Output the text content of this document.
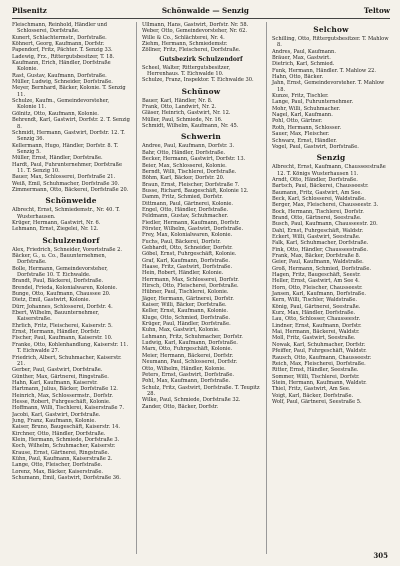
Pilsenitz	Schönwalde — Senzig	Teltow
Fleischmann, Reinhold, Händler und Schlosserei, Dorfstraße.
Kunert, Schlachtermstr., Dorfstraße.
Köhnert, Georg, Kaufmann, Dorfstr.
Papendorf, Fritz, Pächter. T. Senzig 33.
Ladewig, Frz., Rittergutsbesitzer, T. 18.
Kaufmann, Erich, Händler, Dorfstraße Kolonie.
Rast, Gustav, Kaufmann, Dorfstraße.
Müller, Ludwig, Schneider, Dorfstraße.
Meyer, Bernhard, Bäcker, Kolonie. T. Senzig 11.
Schulze, Kaufm., Gemeindevorsteher, Kolonie 11.
Gölnitz, Otto, Kaufmann, Kolonie.
Behrendt, Karl, Gastwirt, Dorfstr. 2. T. Senzig 8.
Schmidt, Hermann, Gastwirt, Dorfstr. 12. T. Senzig 36.
Kellermann, Hugo, Händler, Dorfstr. 8. T. Senzig 5.
Müller, Ernst, Händler, Dorfstraße.
Hardt, Paul, Fuhrunternehmer, Dorfstraße 11. T. Senzig 10.
Bauer, Max, Schlosserei, Dorfstraße 21.
Weiß, Emil, Schuhmacher, Dorfstraße 30.
Zimmermann, Otto, Bäckerei, Dorfstraße 20.
Schönweide
Albrecht, Ernst, Schmiedemstr., Nr. 40. T. Wusterhausen.
Krüger, Hermann, Gastwirt, Nr. 6.
Lehmann, Ernst, Ziegelei, Nr. 12.
Schulzendorf
Alex, Friedrich, Schneider, Vorortstraße 2.
Bäcker, G., u. Co., Bauunternehmen, Dorfstraße.
Bolle, Hermann, Gemeindevorsteher, Dorfstraße 10. T. Eichwalde.
Brandt, Paul, Bäckerei, Dorfstraße.
Brendel, Frieda, Kolonialwaren, Kolonie.
Bunge, Otto, Kaufmann, Chaussee 20.
Dietz, Emil, Gastwirt, Kolonie.
Dürr, Johannes, Schlosserei, Dorfstr. 4.
Ebert, Wilhelm, Bauunternehmer, Kaiserstraße.
Ehrlich, Fritz, Fleischerei, Kaiserstr. 5.
Ernst, Hermann, Händler, Dorfstr.
Fischer, Paul, Kaufmann, Kaiserstr. 10.
Franke, Otto, Kohlenhandlung, Kaiserstr. 11. T. Eichwalde 27.
Friedrich, Albert, Schuhmacher, Kaiserstr. 21.
Gerber, Paul, Gastwirt, Dorfstraße.
Günther, Max, Gärtnerei, Ringstraße.
Hahn, Karl, Kaufmann, Kaiserstr.
Hartmann, Julius, Bäcker, Dorfstraße 12.
Heinrich, Max, Schlossermstr., Dorfstr.
Hesse, Robert, Fuhrgeschäft, Kolonie.
Hoffmann, Willi, Tischlerei, Kaiserstraße 7.
Jacobi, Karl, Gastwirt, Dorfstraße.
Jung, Franz, Kaufmann, Kolonie.
Kaiser, Bruno, Baugeschäft, Kaiserstr. 14.
Kirchner, Otto, Händler, Dorfstraße.
Klein, Hermann, Schmiede, Dorfstraße 3.
Koch, Wilhelm, Schuhmacher, Kaiserstr.
Krause, Ernst, Gärtnerei, Ringstraße.
Kühn, Paul, Kaufmann, Kaiserstraße 2.
Lange, Otto, Fleischer, Dorfstraße.
Lorenz, Max, Bäcker, Kaiserstraße.
Schumann, Emil, Gastwirt, Dorfstraße 36.
Ullmann, Hans, Gastwirt, Dorfstr. Nr. 58.
Weber, Otto, Gemeindevorsteher, Nr. 62.
Wille & Co., Schlächterei, Nr. 4.
Ziehm, Hermann, Schmiedemstr.
Zöllner, Fritz, Fleischerei, Dorfstraße.
Gutsbezirk Schulzendorf
Scheel, Walter, Rittergutsbesitzer, Herrenhaus. T. Eichwalde 10.
Schulze, Franz, Inspektor. T. Eichwalde 30.
Schünow
Bauer, Karl, Händler, Nr. 8.
Frank, Otto, Landwirt, Nr. 2.
Gläser, Heinrich, Gastwirt, Nr. 12.
Müller, Paul, Schmiede, Nr. 16.
Schmidt, Wilhelm, Kaufmann, Nr. 45.
Schwerin
Andree, Paul, Kaufmann, Dorfstr. 3.
Bahr, Otto, Händler, Dorfstraße.
Becker, Hermann, Gastwirt, Dorfstr. 13.
Beier, Max, Schlosserei, Kolonie.
Berndt, Willi, Tischlerei, Dorfstraße.
Böhm, Karl, Bäcker, Dorfstr. 20.
Braun, Ernst, Fleischer, Dorfstraße 7.
Busse, Richard, Baugeschäft, Kolonie 12.
Damm, Fritz, Schmied, Dorfstr.
Dittmann, Paul, Gärtnerei, Kolonie.
Engel, Otto, Händler, Dorfstraße.
Feldmann, Gustav, Schuhmacher.
Fiedler, Hermann, Kaufmann, Dorfstr.
Förster, Wilhelm, Gastwirt, Dorfstraße.
Frey, Max, Kolonialwaren, Kolonie.
Fuchs, Paul, Bäckerei, Dorfstr.
Gebhardt, Otto, Schneider, Dorfstr.
Göbel, Ernst, Fuhrgeschäft, Kolonie.
Graf, Karl, Kaufmann, Dorfstraße.
Haase, Fritz, Gastwirt, Dorfstraße.
Hein, Robert, Händler, Kolonie.
Herrmann, Max, Schlosserei, Dorfstr.
Hirsch, Otto, Fleischerei, Dorfstraße.
Hübner, Paul, Tischlerei, Kolonie.
Jäger, Hermann, Gärtnerei, Dorfstr.
Kaiser, Willi, Bäcker, Dorfstraße.
Keller, Ernst, Kaufmann, Kolonie.
Kluge, Otto, Schmied, Dorfstraße.
Krüger, Paul, Händler, Dorfstraße.
Kuhn, Max, Gastwirt, Kolonie.
Lehmann, Fritz, Schuhmacher, Dorfstr.
Ludwig, Karl, Kaufmann, Dorfstraße.
Marx, Otto, Fuhrgeschäft, Kolonie.
Meier, Hermann, Bäckerei, Dorfstr.
Neumann, Paul, Schlosserei, Dorfstr.
Otto, Wilhelm, Händler, Kolonie.
Peters, Ernst, Gastwirt, Dorfstraße.
Pohl, Max, Kaufmann, Dorfstraße.
Schulz, Fritz, Gastwirt, Dorfstraße. T. Teupitz 28.
Wilke, Paul, Schmiede, Dorfstraße 32.
Zander, Otto, Bäcker, Dorfstr.
Selchow
Schilling, Otto, Rittergutsbesitzer. T. Mahlow 8.
Andres, Paul, Kaufmann.
Bräuer, Max, Gastwirt.
Dietrich, Karl, Schmied.
Funk, Hermann, Händler. T. Mahlow 22.
Hahn, Otto, Bäcker.
Jahn, Ernst, Gemeindevorsteher. T. Mahlow 18.
Kunze, Fritz, Tischler.
Lange, Paul, Fuhrunternehmer.
Mohr, Willi, Schuhmacher.
Nagel, Karl, Kaufmann.
Pohl, Otto, Gärtner.
Roth, Hermann, Schlosser.
Sauer, Max, Fleischer.
Schwarz, Ernst, Händler.
Vogel, Paul, Gastwirt, Dorfstraße.
Senzig
Albrecht, Ernst, Kaufmann, Chausseestraße 12. T. Königs Wusterhausen 11.
Arndt, Otto, Händler, Dorfstraße.
Bartsch, Paul, Bäckerei, Chausseestr.
Baumann, Fritz, Gastwirt, Am See.
Beck, Karl, Schlosserei, Waldstraße.
Berger, Max, Fleischerei, Chausseestr. 3.
Bock, Hermann, Tischlerei, Dorfstr.
Brand, Otto, Gärtnerei, Seestraße.
Busch, Paul, Kaufmann, Chausseestr. 20.
Dahl, Ernst, Fuhrgeschäft, Waldstr.
Eckert, Willi, Gastwirt, Seestraße.
Falk, Karl, Schuhmacher, Dorfstraße.
Fink, Otto, Händler, Chausseestraße.
Frank, Max, Bäcker, Dorfstraße 8.
Geier, Paul, Kaufmann, Waldstraße.
Groß, Hermann, Schmied, Dorfstraße.
Hagen, Fritz, Baugeschäft, Seestr.
Heller, Ernst, Gastwirt, Am See 4.
Horn, Otto, Fleischer, Chausseestr.
Jansen, Karl, Kaufmann, Dorfstraße.
Kern, Willi, Tischler, Waldstraße.
König, Paul, Gärtnerei, Seestraße.
Kurz, Max, Händler, Dorfstraße.
Lau, Otto, Schlosser, Chausseestr.
Lindner, Ernst, Kaufmann, Dorfstr.
Mai, Hermann, Bäckerei, Waldstr.
Moll, Fritz, Gastwirt, Seestraße.
Nowak, Karl, Schuhmacher, Dorfstr.
Pfeiffer, Paul, Fuhrgeschäft, Waldstr.
Rausch, Otto, Kaufmann, Chausseestr.
Reich, Max, Fleischerei, Dorfstraße.
Ritter, Ernst, Händler, Seestraße.
Sommer, Willi, Tischlerei, Dorfstr.
Stein, Hermann, Kaufmann, Waldstr.
Thiel, Fritz, Gastwirt, Am See.
Voigt, Karl, Bäcker, Dorfstraße.
Wolf, Paul, Gärtnerei, Seestraße 5.
305
